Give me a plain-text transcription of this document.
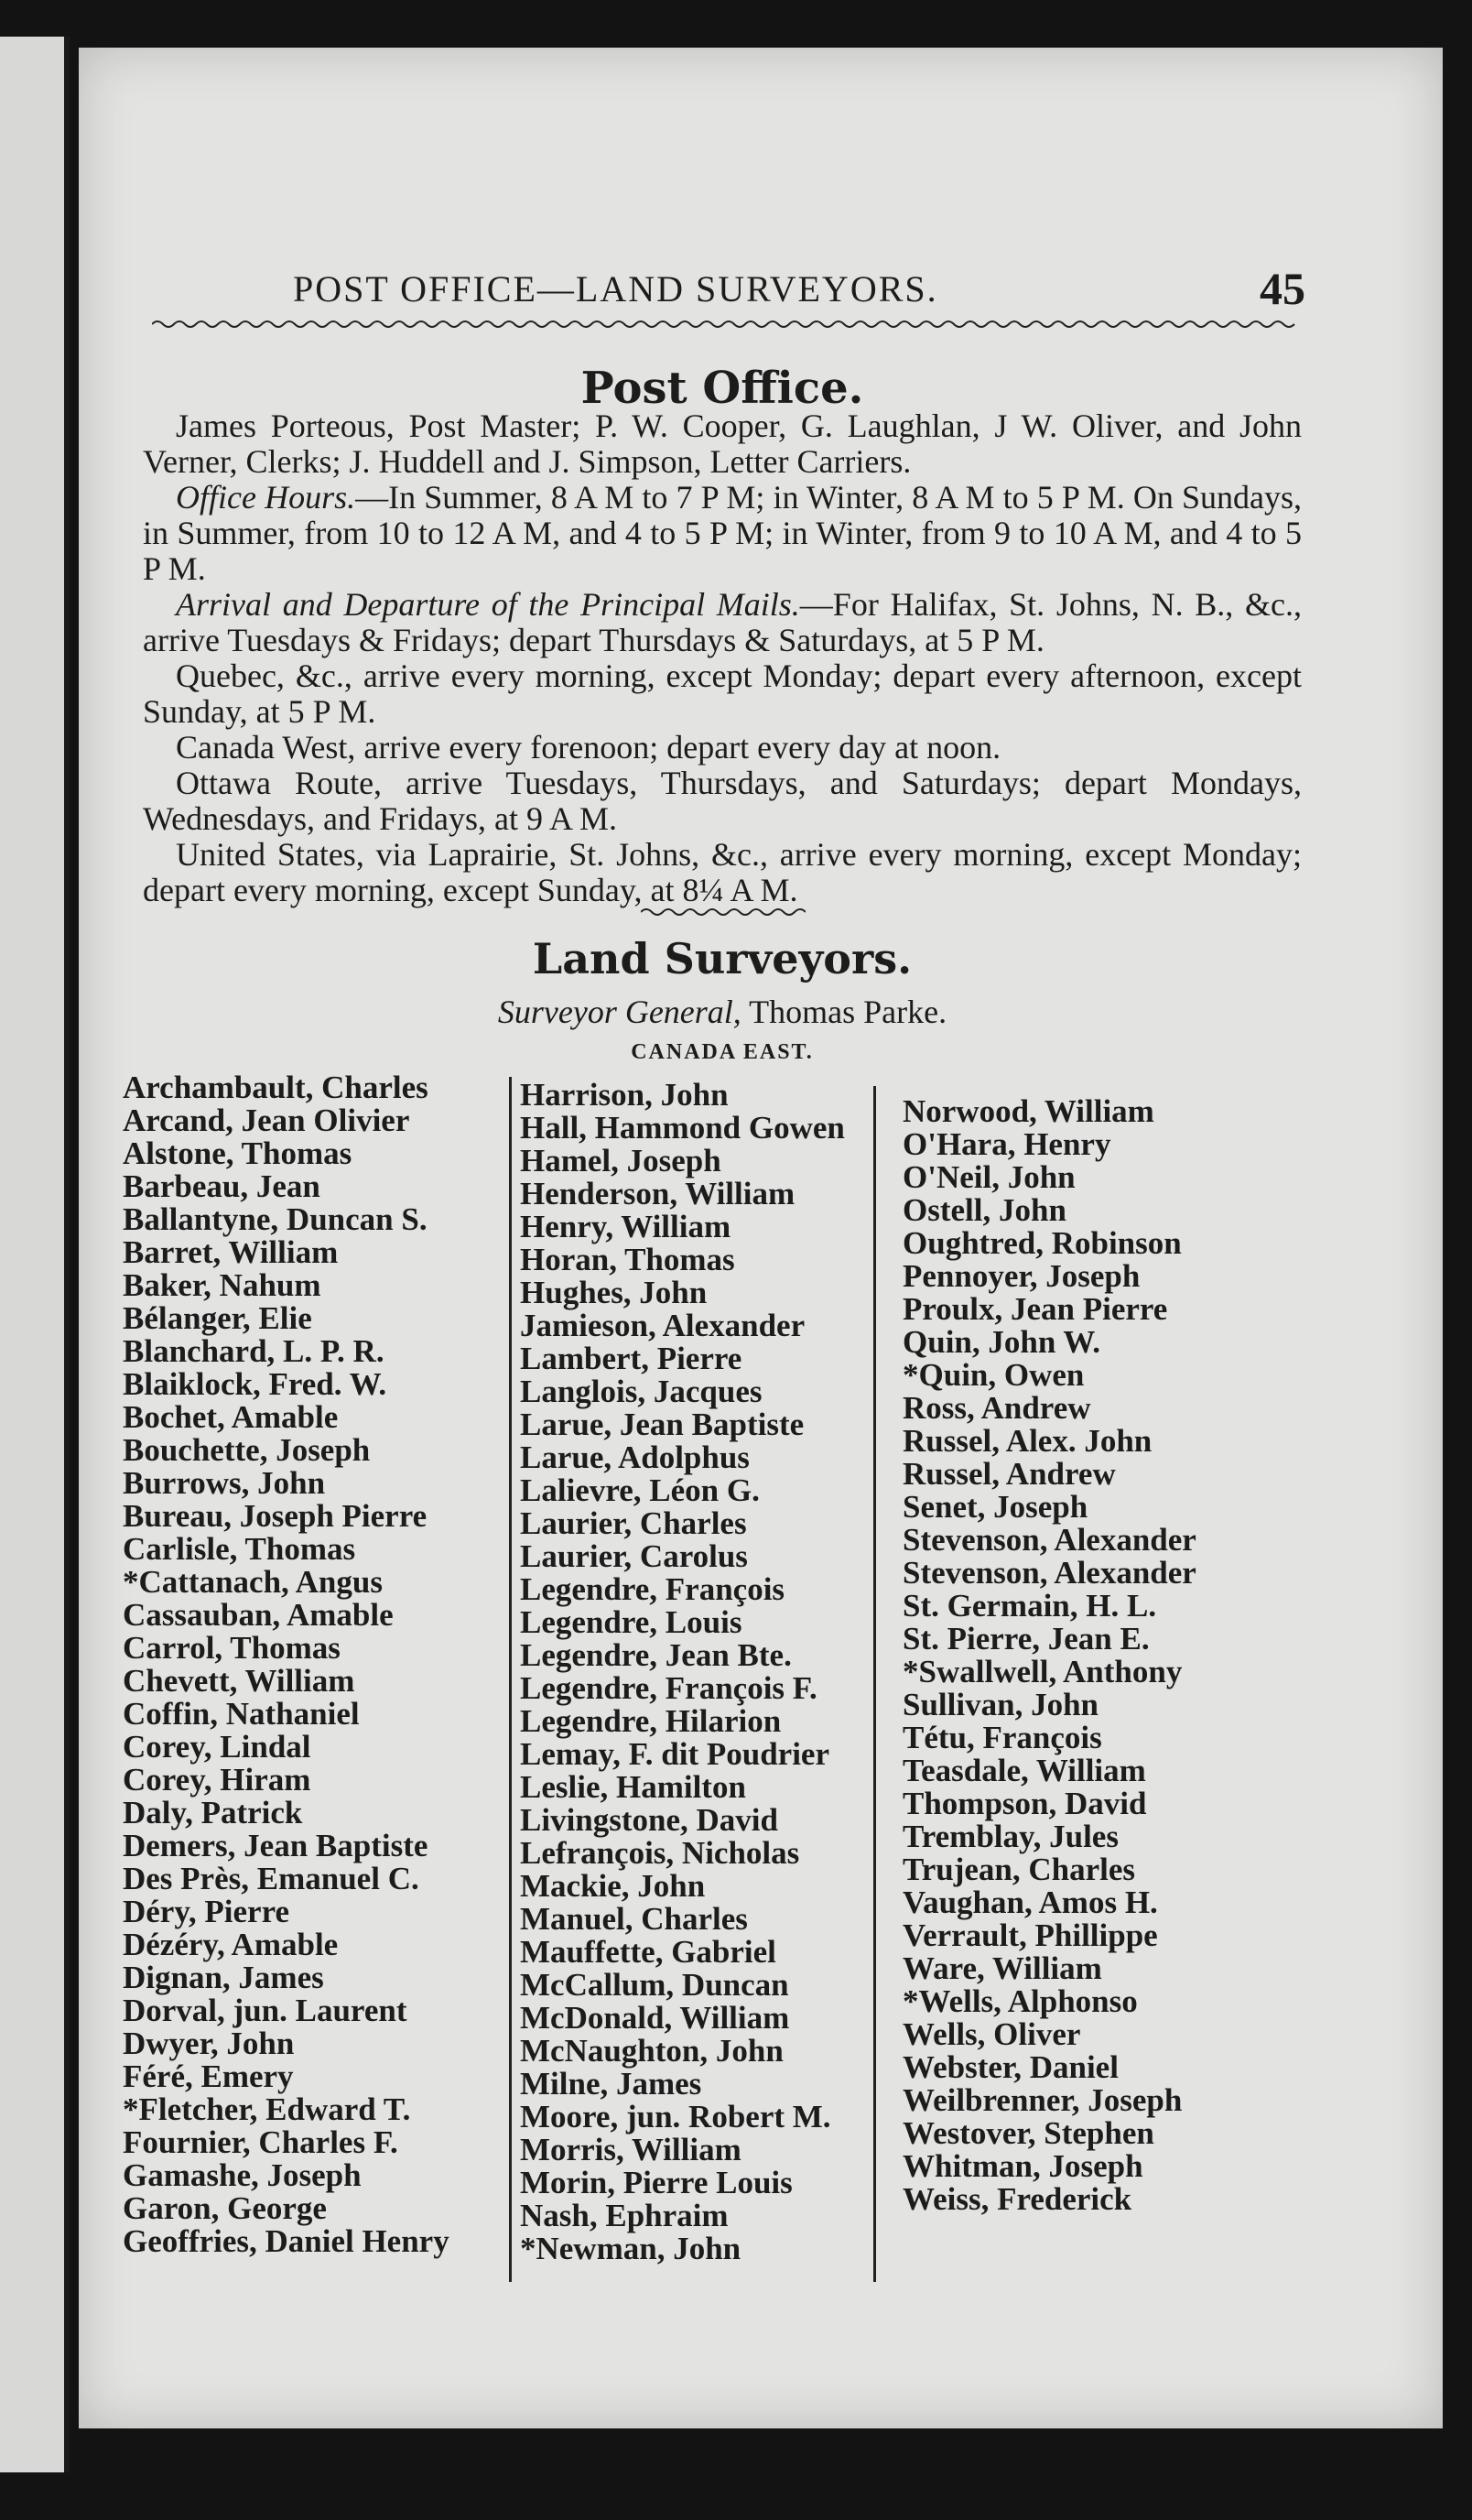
POST OFFICE—LAND SURVEYORS.	45
Post Office.

James Porteous, Post Master; P. W. Cooper, G. Laughlan, J W. Oliver, and John Verner, Clerks; J. Huddell and J. Simpson, Letter Carriers.

Office Hours.—In Summer, 8 A M to 7 P M; in Winter, 8 A M to 5 P M. On Sundays, in Summer, from 10 to 12 A M, and 4 to 5 P M; in Winter, from 9 to 10 A M, and 4 to 5 P M.

Arrival and Departure of the Principal Mails.—For Halifax, St. Johns, N. B., &c., arrive Tuesdays & Fridays; depart Thursdays & Saturdays, at 5 P M.

Quebec, &c., arrive every morning, except Monday; depart every afternoon, except Sunday, at 5 P M.

Canada West, arrive every forenoon; depart every day at noon.

Ottawa Route, arrive Tuesdays, Thursdays, and Saturdays; depart Mondays, Wednesdays, and Fridays, at 9 A M.

United States, via Laprairie, St. Johns, &c., arrive every morning, except Monday; depart every morning, except Sunday, at 8¼ A M.

Land Surveyors.
Surveyor General, Thomas Parke.
CANADA EAST.
Archambault, Charles
Arcand, Jean Olivier
Alstone, Thomas
Barbeau, Jean
Ballantyne, Duncan S.
Barret, William
Baker, Nahum
Bélanger, Elie
Blanchard, L. P. R.
Blaiklock, Fred. W.
Bochet, Amable
Bouchette, Joseph
Burrows, John
Bureau, Joseph Pierre
Carlisle, Thomas
*Cattanach, Angus
Cassauban, Amable
Carrol, Thomas
Chevett, William
Coffin, Nathaniel
Corey, Lindal
Corey, Hiram
Daly, Patrick
Demers, Jean Baptiste
Des Près, Emanuel C.
Déry, Pierre
Dézéry, Amable
Dignan, James
Dorval, jun. Laurent
Dwyer, John
Féré, Emery
*Fletcher, Edward T.
Fournier, Charles F.
Gamashe, Joseph
Garon, George
Geoffries, Daniel Henry
Harrison, John
Hall, Hammond Gowen
Hamel, Joseph
Henderson, William
Henry, William
Horan, Thomas
Hughes, John
Jamieson, Alexander
Lambert, Pierre
Langlois, Jacques
Larue, Jean Baptiste
Larue, Adolphus
Lalievre, Léon G.
Laurier, Charles
Laurier, Carolus
Legendre, François
Legendre, Louis
Legendre, Jean Bte.
Legendre, François F.
Legendre, Hilarion
Lemay, F. dit Poudrier
Leslie, Hamilton
Livingstone, David
Lefrançois, Nicholas
Mackie, John
Manuel, Charles
Mauffette, Gabriel
McCallum, Duncan
McDonald, William
McNaughton, John
Milne, James
Moore, jun. Robert M.
Morris, William
Morin, Pierre Louis
Nash, Ephraim
*Newman, John
Norwood, William
O'Hara, Henry
O'Neil, John
Ostell, John
Oughtred, Robinson
Pennoyer, Joseph
Proulx, Jean Pierre
Quin, John W.
*Quin, Owen
Ross, Andrew
Russel, Alex. John
Russel, Andrew
Senet, Joseph
Stevenson, Alexander
Stevenson, Alexander
St. Germain, H. L.
St. Pierre, Jean E.
*Swallwell, Anthony
Sullivan, John
Tétu, François
Teasdale, William
Thompson, David
Tremblay, Jules
Trujean, Charles
Vaughan, Amos H.
Verrault, Phillippe
Ware, William
*Wells, Alphonso
Wells, Oliver
Webster, Daniel
Weilbrenner, Joseph
Westover, Stephen
Whitman, Joseph
Weiss, Frederick
